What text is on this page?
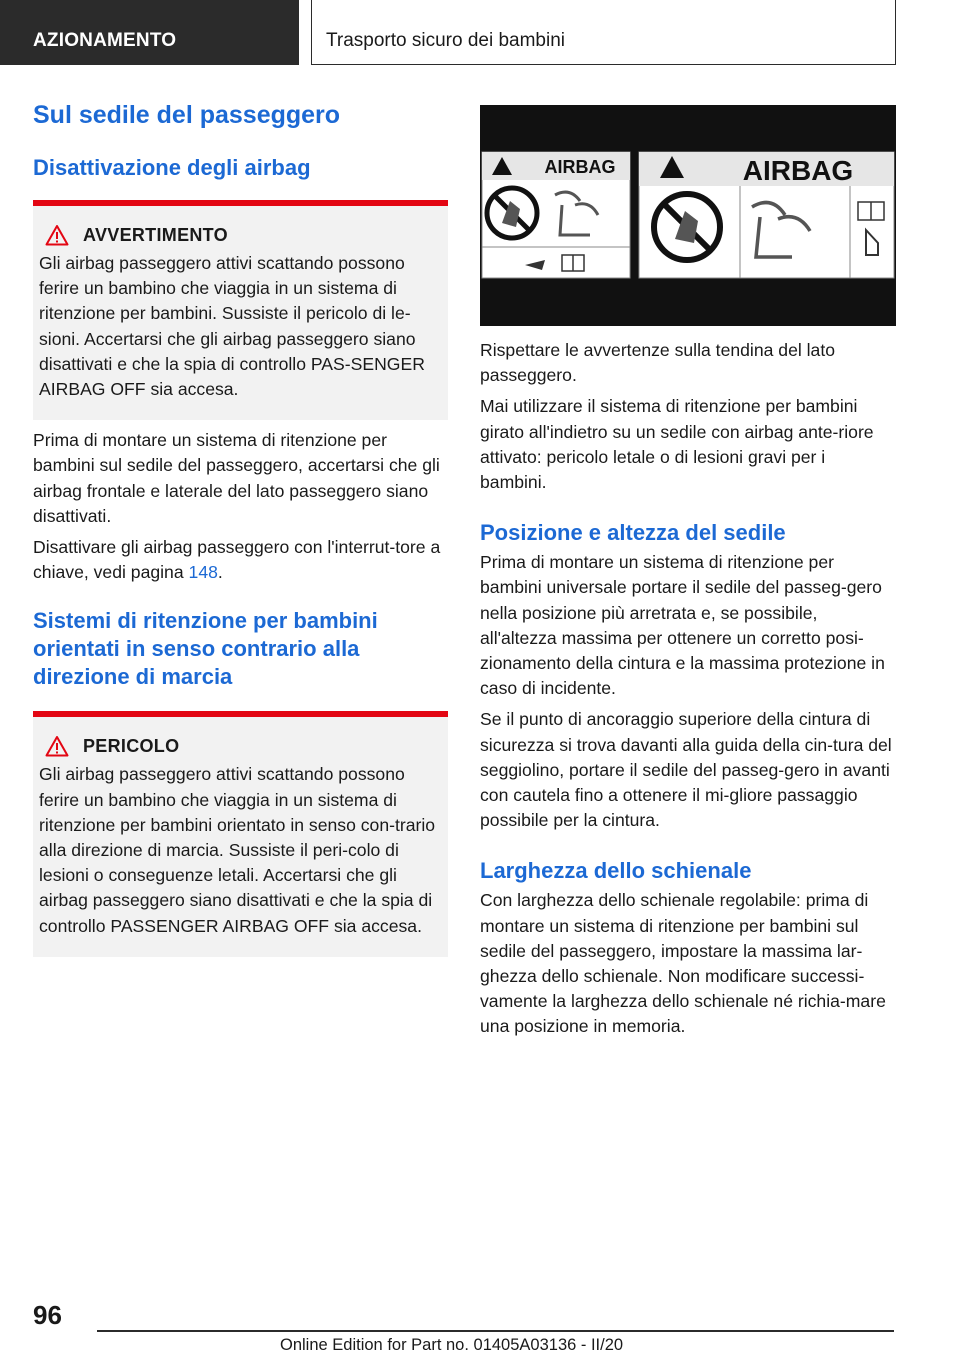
AZIONAMENTO	Trasporto sicuro dei bambini
Sul sedile del passeggero
Disattivazione degli airbag
AVVERTIMENTO

Gli airbag passeggero attivi scattando possono ferire un bambino che viaggia in un sistema di ritenzione per bambini. Sussiste il pericolo di le-sioni. Accertarsi che gli airbag passeggero siano disattivati e che la spia di controllo PAS-SENGER AIRBAG OFF sia accesa.

Prima di montare un sistema di ritenzione per bambini sul sedile del passeggero, accertarsi che gli airbag frontale e laterale del lato passeggero siano disattivati.

Disattivare gli airbag passeggero con l'interrut-tore a chiave, vedi pagina 148.

Sistemi di ritenzione per bambini orientati in senso contrario alla direzione di marcia
PERICOLO

Gli airbag passeggero attivi scattando possono ferire un bambino che viaggia in un sistema di ritenzione per bambini orientato in senso con-trario alla direzione di marcia. Sussiste il peri-colo di lesioni o conseguenze letali. Accertarsi che gli airbag passeggero siano disattivati e che la spia di controllo PASSENGER AIRBAG OFF sia accesa.

AIRBAG	AIRBAG

Rispettare le avvertenze sulla tendina del lato passeggero.

Mai utilizzare il sistema di ritenzione per bambini girato all'indietro su un sedile con airbag ante-riore attivato: pericolo letale o di lesioni gravi per i bambini.

Posizione e altezza del sedile

Prima di montare un sistema di ritenzione per bambini universale portare il sedile del passeg-gero nella posizione più arretrata e, se possibile, all'altezza massima per ottenere un corretto posi-zionamento della cintura e la massima protezione in caso di incidente.

Se il punto di ancoraggio superiore della cintura di sicurezza si trova davanti alla guida della cin-tura del seggiolino, portare il sedile del passeg-gero in avanti con cautela fino a ottenere il mi-gliore passaggio possibile per la cintura.

Larghezza dello schienale

Con larghezza dello schienale regolabile: prima di montare un sistema di ritenzione per bambini sul sedile del passeggero, impostare la massima lar-ghezza dello schienale. Non modificare successi-vamente la larghezza dello schienale né richia-mare una posizione in memoria.

96
Online Edition for Part no. 01405A03136 - II/20
